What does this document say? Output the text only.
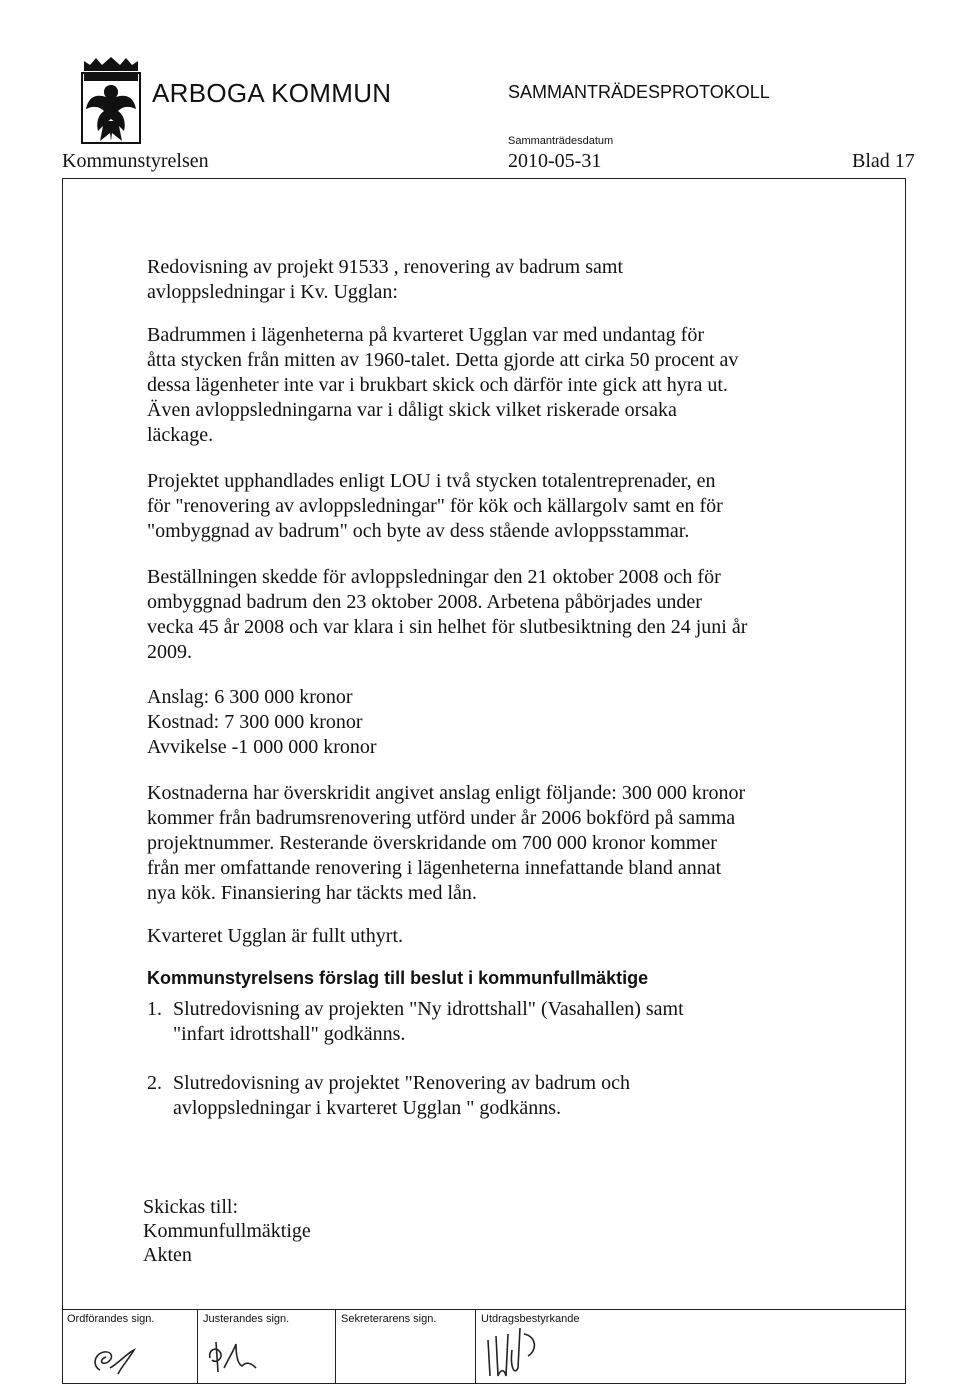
ARBOGA KOMMUN	SAMMANTRÄDESPROTOKOLL
Sammanträdesdatum
Kommunstyrelsen	2010-05-31	Blad 17

Redovisning av projekt 91533 , renovering av badrum samt
avloppsledningar i Kv. Ugglan:

Badrummen i lägenheterna på kvarteret Ugglan var med undantag för
åtta stycken från mitten av 1960-talet. Detta gjorde att cirka 50 procent av
dessa lägenheter inte var i brukbart skick och därför inte gick att hyra ut.
Även avloppsledningarna var i dåligt skick vilket riskerade orsaka
läckage.

Projektet upphandlades enligt LOU i två stycken totalentreprenader, en
för "renovering av avloppsledningar" för kök och källargolv samt en för
"ombyggnad av badrum" och byte av dess stående avloppsstammar.

Beställningen skedde för avloppsledningar den 21 oktober 2008 och för
ombyggnad badrum den 23 oktober 2008. Arbetena påbörjades under
vecka 45 år 2008 och var klara i sin helhet för slutbesiktning den 24 juni år
2009.

Anslag: 6 300 000 kronor
Kostnad: 7 300 000 kronor
Avvikelse -1 000 000 kronor

Kostnaderna har överskridit angivet anslag enligt följande: 300 000 kronor
kommer från badrumsrenovering utförd under år 2006 bokförd på samma
projektnummer. Resterande överskridande om 700 000 kronor kommer
från mer omfattande renovering i lägenheterna innefattande bland annat
nya kök. Finansiering har täckts med lån.

Kvarteret Ugglan är fullt uthyrt.

Kommunstyrelsens förslag till beslut i kommunfullmäktige

1. Slutredovisning av projekten "Ny idrottshall" (Vasahallen) samt
"infart idrottshall" godkänns.
2. Slutredovisning av projektet "Renovering av badrum och
avloppsledningar i kvarteret Ugglan " godkänns.
Skickas till:
Kommunfullmäktige
Akten
Ordförandes sign.	Justerandes sign.	Sekreterarens sign.	Utdragsbestyrkande
